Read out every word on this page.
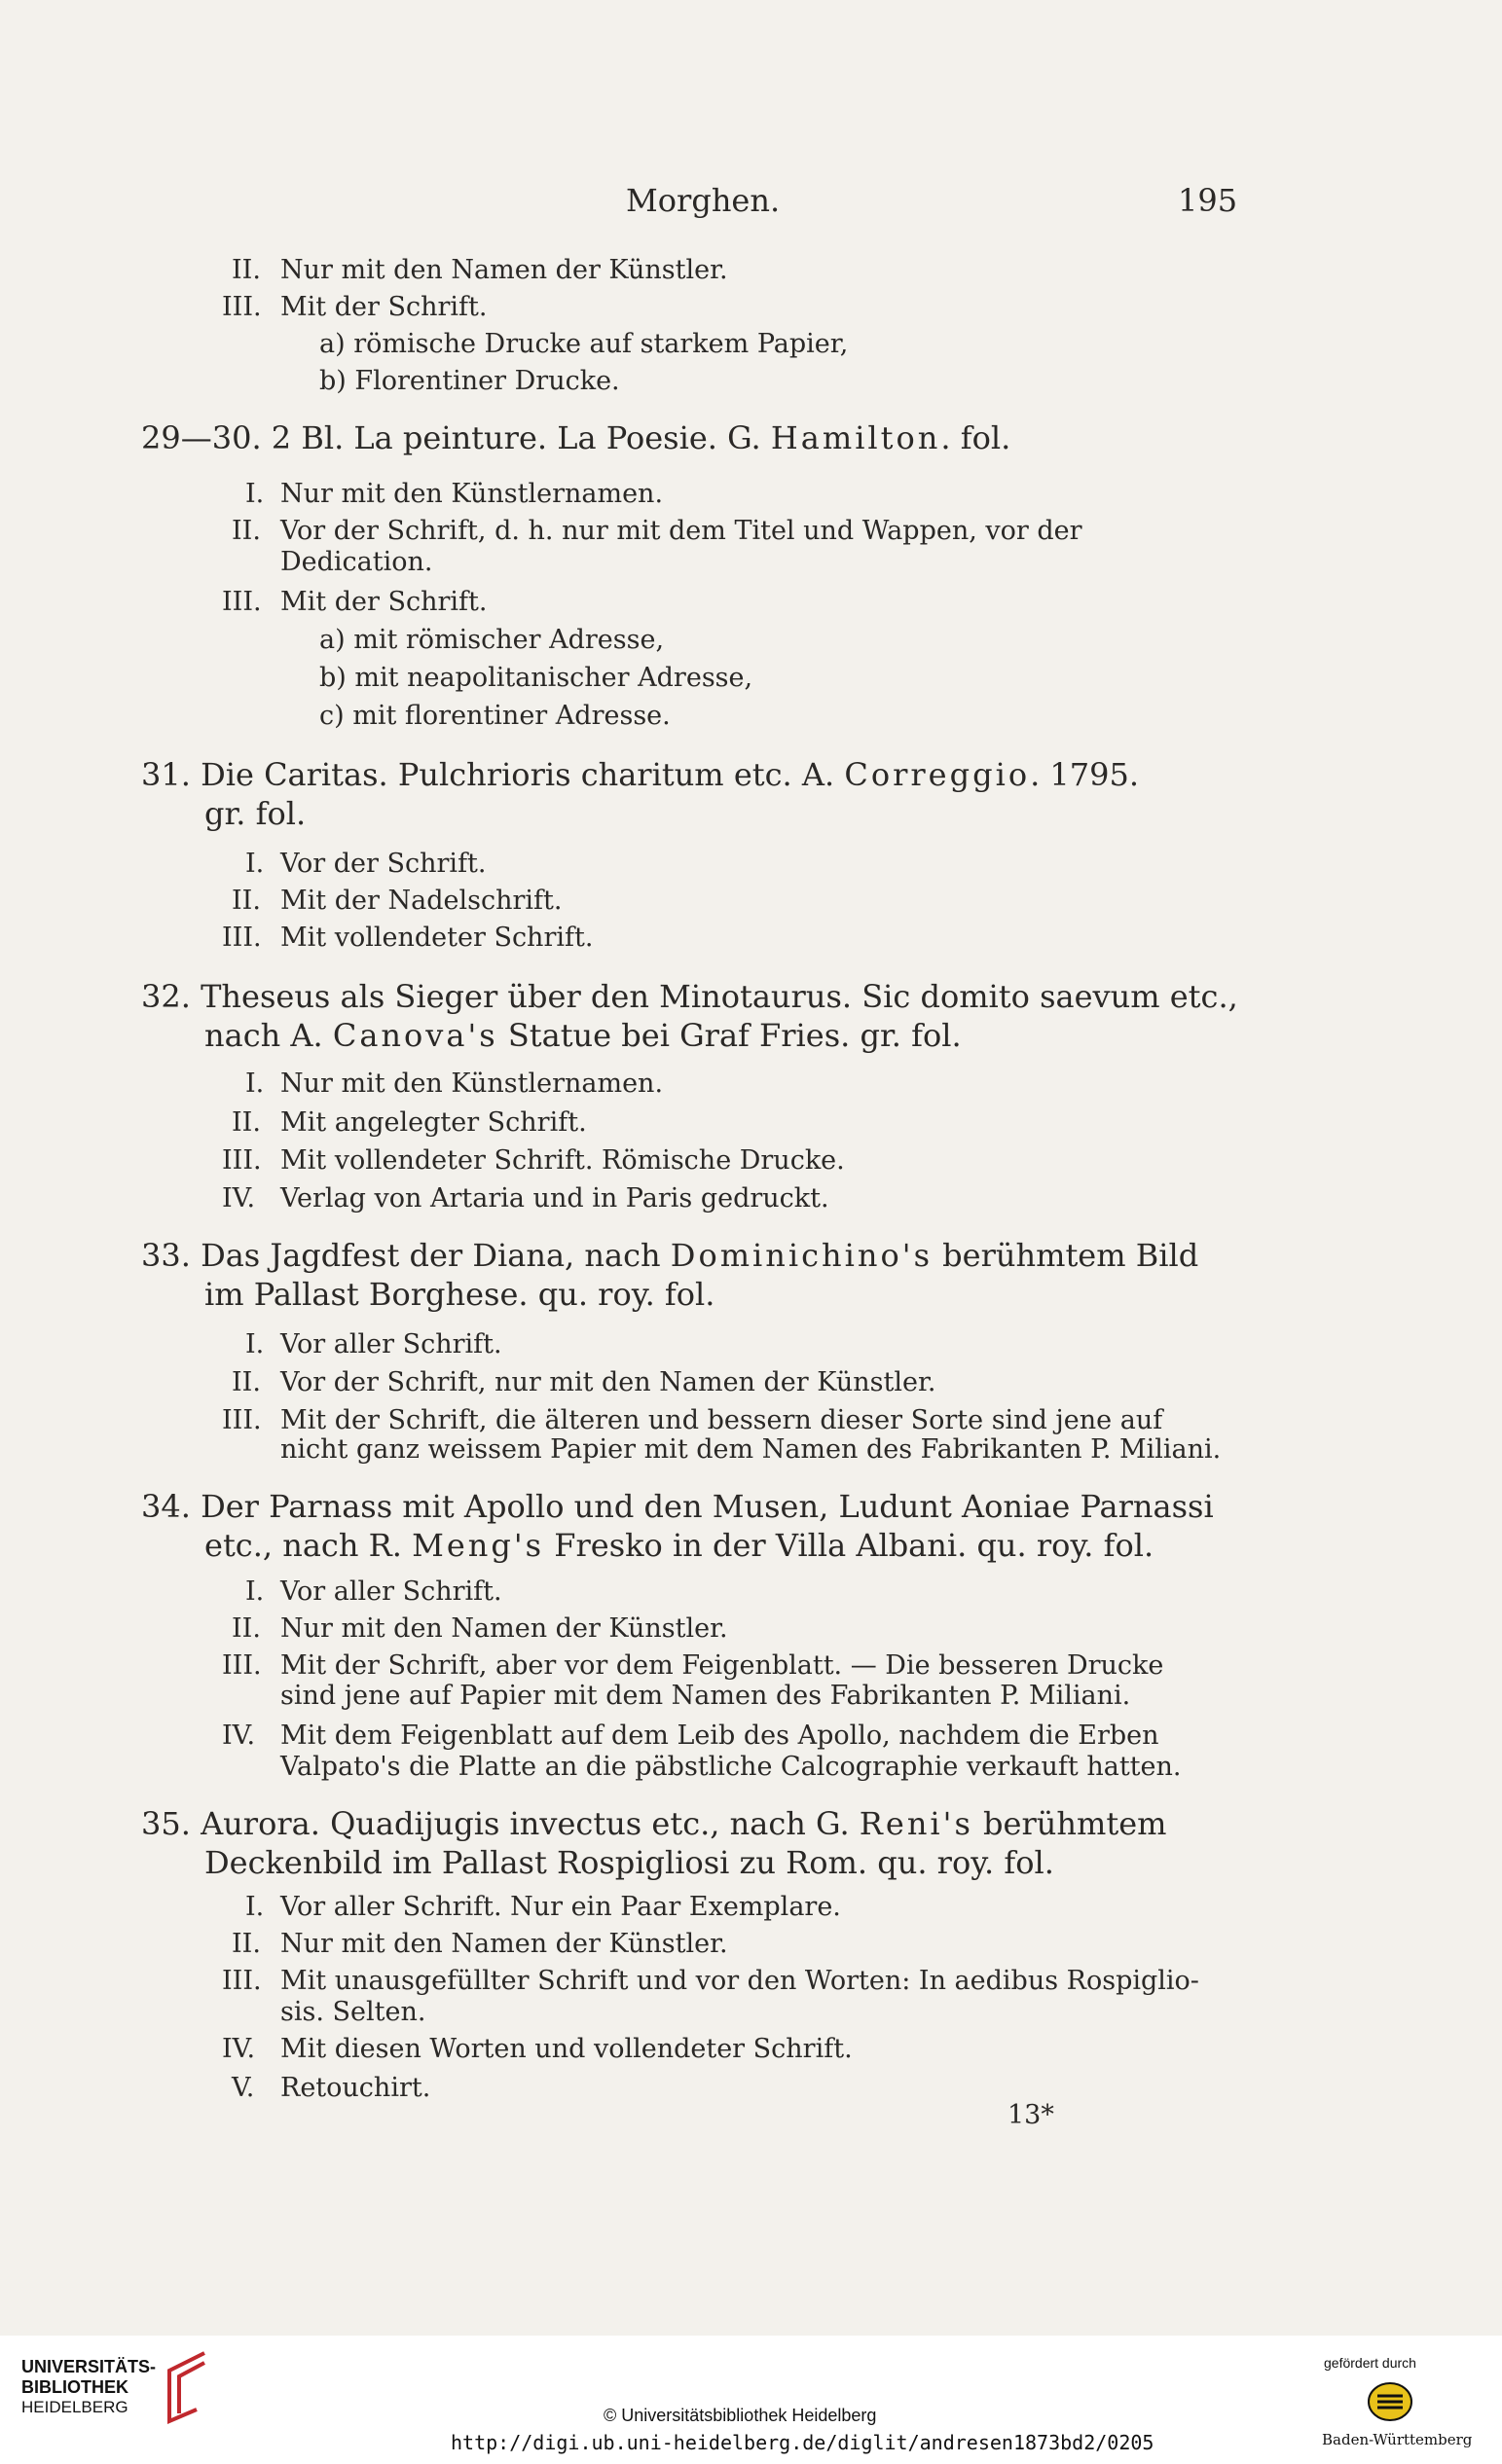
Morghen.	195
II. Nur mit den Namen der Künstler.
III. Mit der Schrift.
a) römische Drucke auf starkem Papier,
b) Florentiner Drucke.
29—30. 2 Bl. La peinture. La Poesie. G. Hamilton. fol.
I. Nur mit den Künstlernamen.
II. Vor der Schrift, d. h. nur mit dem Titel und Wappen, vor der
Dedication.
III. Mit der Schrift.
a) mit römischer Adresse,
b) mit neapolitanischer Adresse,
c) mit florentiner Adresse.
31. Die Caritas. Pulchrioris charitum etc. A. Correggio. 1795.
gr. fol.
I. Vor der Schrift.
II. Mit der Nadelschrift.
III. Mit vollendeter Schrift.
32. Theseus als Sieger über den Minotaurus. Sic domito saevum etc.,
nach A. Canova's Statue bei Graf Fries. gr. fol.
I. Nur mit den Künstlernamen.
II. Mit angelegter Schrift.
III. Mit vollendeter Schrift. Römische Drucke.
IV. Verlag von Artaria und in Paris gedruckt.
33. Das Jagdfest der Diana, nach Dominichino's berühmtem Bild
im Pallast Borghese. qu. roy. fol.
I. Vor aller Schrift.
II. Vor der Schrift, nur mit den Namen der Künstler.
III. Mit der Schrift, die älteren und bessern dieser Sorte sind jene auf
nicht ganz weissem Papier mit dem Namen des Fabrikanten P. Miliani.
34. Der Parnass mit Apollo und den Musen, Ludunt Aoniae Parnassi
etc., nach R. Meng's Fresko in der Villa Albani. qu. roy. fol.
I. Vor aller Schrift.
II. Nur mit den Namen der Künstler.
III. Mit der Schrift, aber vor dem Feigenblatt. — Die besseren Drucke
sind jene auf Papier mit dem Namen des Fabrikanten P. Miliani.
IV. Mit dem Feigenblatt auf dem Leib des Apollo, nachdem die Erben
Valpato's die Platte an die päbstliche Calcographie verkauft hatten.
35. Aurora. Quadijugis invectus etc., nach G. Reni's berühmtem
Deckenbild im Pallast Rospigliosi zu Rom. qu. roy. fol.
I. Vor aller Schrift. Nur ein Paar Exemplare.
II. Nur mit den Namen der Künstler.
III. Mit unausgefüllter Schrift und vor den Worten: In aedibus Rospiglio-
sis. Selten.
IV. Mit diesen Worten und vollendeter Schrift.
V. Retouchirt.
13*
UNIVERSITÄTS-
BIBLIOTHEK
HEIDELBERG	© Universitätsbibliothek Heidelberg
http://digi.ub.uni-heidelberg.de/diglit/andresen1873bd2/0205
gefördert durch
Baden-Württemberg
